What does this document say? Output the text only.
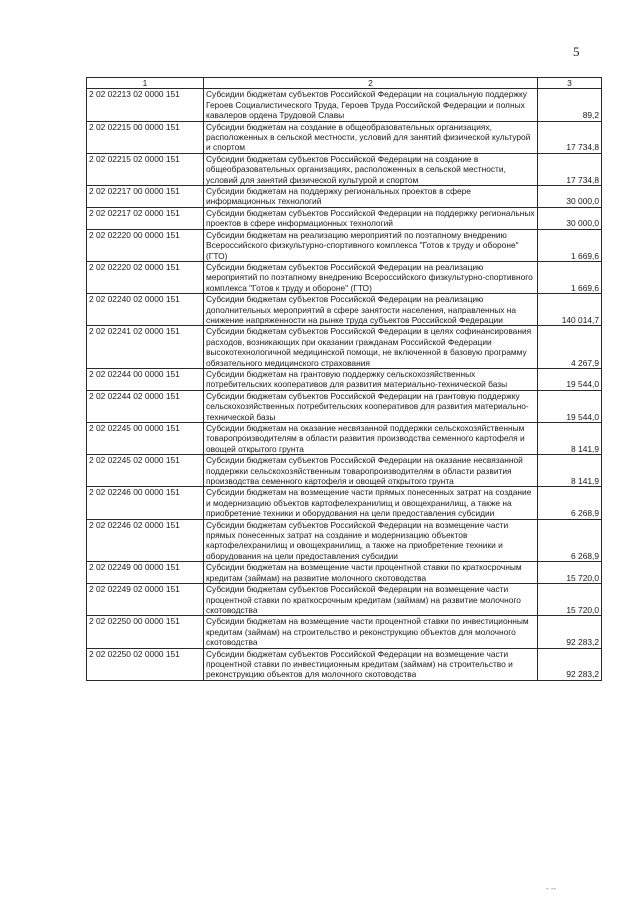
5
1	2	3
2 02 02213 02 0000 151	Субсидии бюджетам субъектов Российской Федерации на социальную поддержку Героев Социалистического Труда, Героев Труда Российской Федерации и полных кавалеров ордена Трудовой Славы	89,2
2 02 02215 00 0000 151	Субсидии бюджетам на создание в общеобразовательных организациях, расположенных в сельской местности, условий для занятий физической культурой и спортом	17 734,8
2 02 02215 02 0000 151	Субсидии бюджетам субъектов Российской Федерации на создание в общеобразовательных организациях, расположенных в сельской местности, условий для занятий физической культурой и спортом	17 734,8
2 02 02217 00 0000 151	Субсидии бюджетам на поддержку региональных проектов в сфере информационных технологий	30 000,0
2 02 02217 02 0000 151	Субсидии бюджетам субъектов Российской Федерации на поддержку региональных проектов в сфере информационных технологий	30 000,0
2 02 02220 00 0000 151	Субсидии бюджетам на реализацию мероприятий по поэтапному внедрению Всероссийского физкультурно-спортивного комплекса "Готов к труду и обороне" (ГТО)	1 669,6
2 02 02220 02 0000 151	Субсидии бюджетам субъектов Российской Федерации на реализацию мероприятий по поэтапному внедрению Всероссийского физкультурно-спортивного комплекса "Готов к труду и обороне" (ГТО)	1 669,6
2 02 02240 02 0000 151	Субсидии бюджетам субъектов Российской Федерации на реализацию дополнительных мероприятий в сфере занятости населения, направленных на снижение напряженности на рынке труда субъектов Российской Федерации	140 014,7
2 02 02241 02 0000 151	Субсидии бюджетам субъектов Российской Федерации в целях софинансирования расходов, возникающих при оказании гражданам Российской Федерации высокотехнологичной медицинской помощи, не включенной в базовую программу обязательного медицинского страхования	4 267,9
2 02 02244 00 0000 151	Субсидии бюджетам на грантовую поддержку сельскохозяйственных потребительских кооперативов для развития материально-технической базы	19 544,0
2 02 02244 02 0000 151	Субсидии бюджетам субъектов Российской Федерации на грантовую поддержку сельскохозяйственных потребительских кооперативов для развития материально-технической базы	19 544,0
2 02 02245 00 0000 151	Субсидии бюджетам на оказание несвязанной поддержки сельскохозяйственным товаропроизводителям в области развития производства семенного картофеля и овощей открытого грунта	8 141,9
2 02 02245 02 0000 151	Субсидии бюджетам субъектов Российской Федерации на оказание несвязанной поддержки сельскохозяйственным товаропроизводителям в области развития производства семенного картофеля и овощей открытого грунта	8 141,9
2 02 02246 00 0000 151	Субсидии бюджетам на возмещение части прямых понесенных затрат на создание и модернизацию объектов картофелехранилищ и овощехранилищ, а также на приобретение техники и оборудования на цели предоставления субсидии	6 268,9
2 02 02246 02 0000 151	Субсидии бюджетам субъектов Российской Федерации на возмещение части прямых понесенных затрат на создание и модернизацию объектов картофелехранилищ и овощехранилищ, а также на приобретение техники и оборудования на цели предоставления субсидии	6 268,9
2 02 02249 00 0000 151	Субсидии бюджетам на возмещение части процентной ставки по краткосрочным кредитам (займам) на развитие молочного скотоводства	15 720,0
2 02 02249 02 0000 151	Субсидии бюджетам субъектов Российской Федерации на возмещение части процентной ставки по краткосрочным кредитам (займам) на развитие молочного скотоводства	15 720,0
2 02 02250 00 0000 151	Субсидии бюджетам на возмещение части процентной ставки по инвестиционным кредитам (займам) на строительство и реконструкцию объектов для молочного скотоводства	92 283,2
2 02 02250 02 0000 151	Субсидии бюджетам субъектов Российской Федерации на возмещение части процентной ставки по инвестиционным кредитам (займам) на строительство и реконструкцию объектов для молочного скотоводства	92 283,2
- --
